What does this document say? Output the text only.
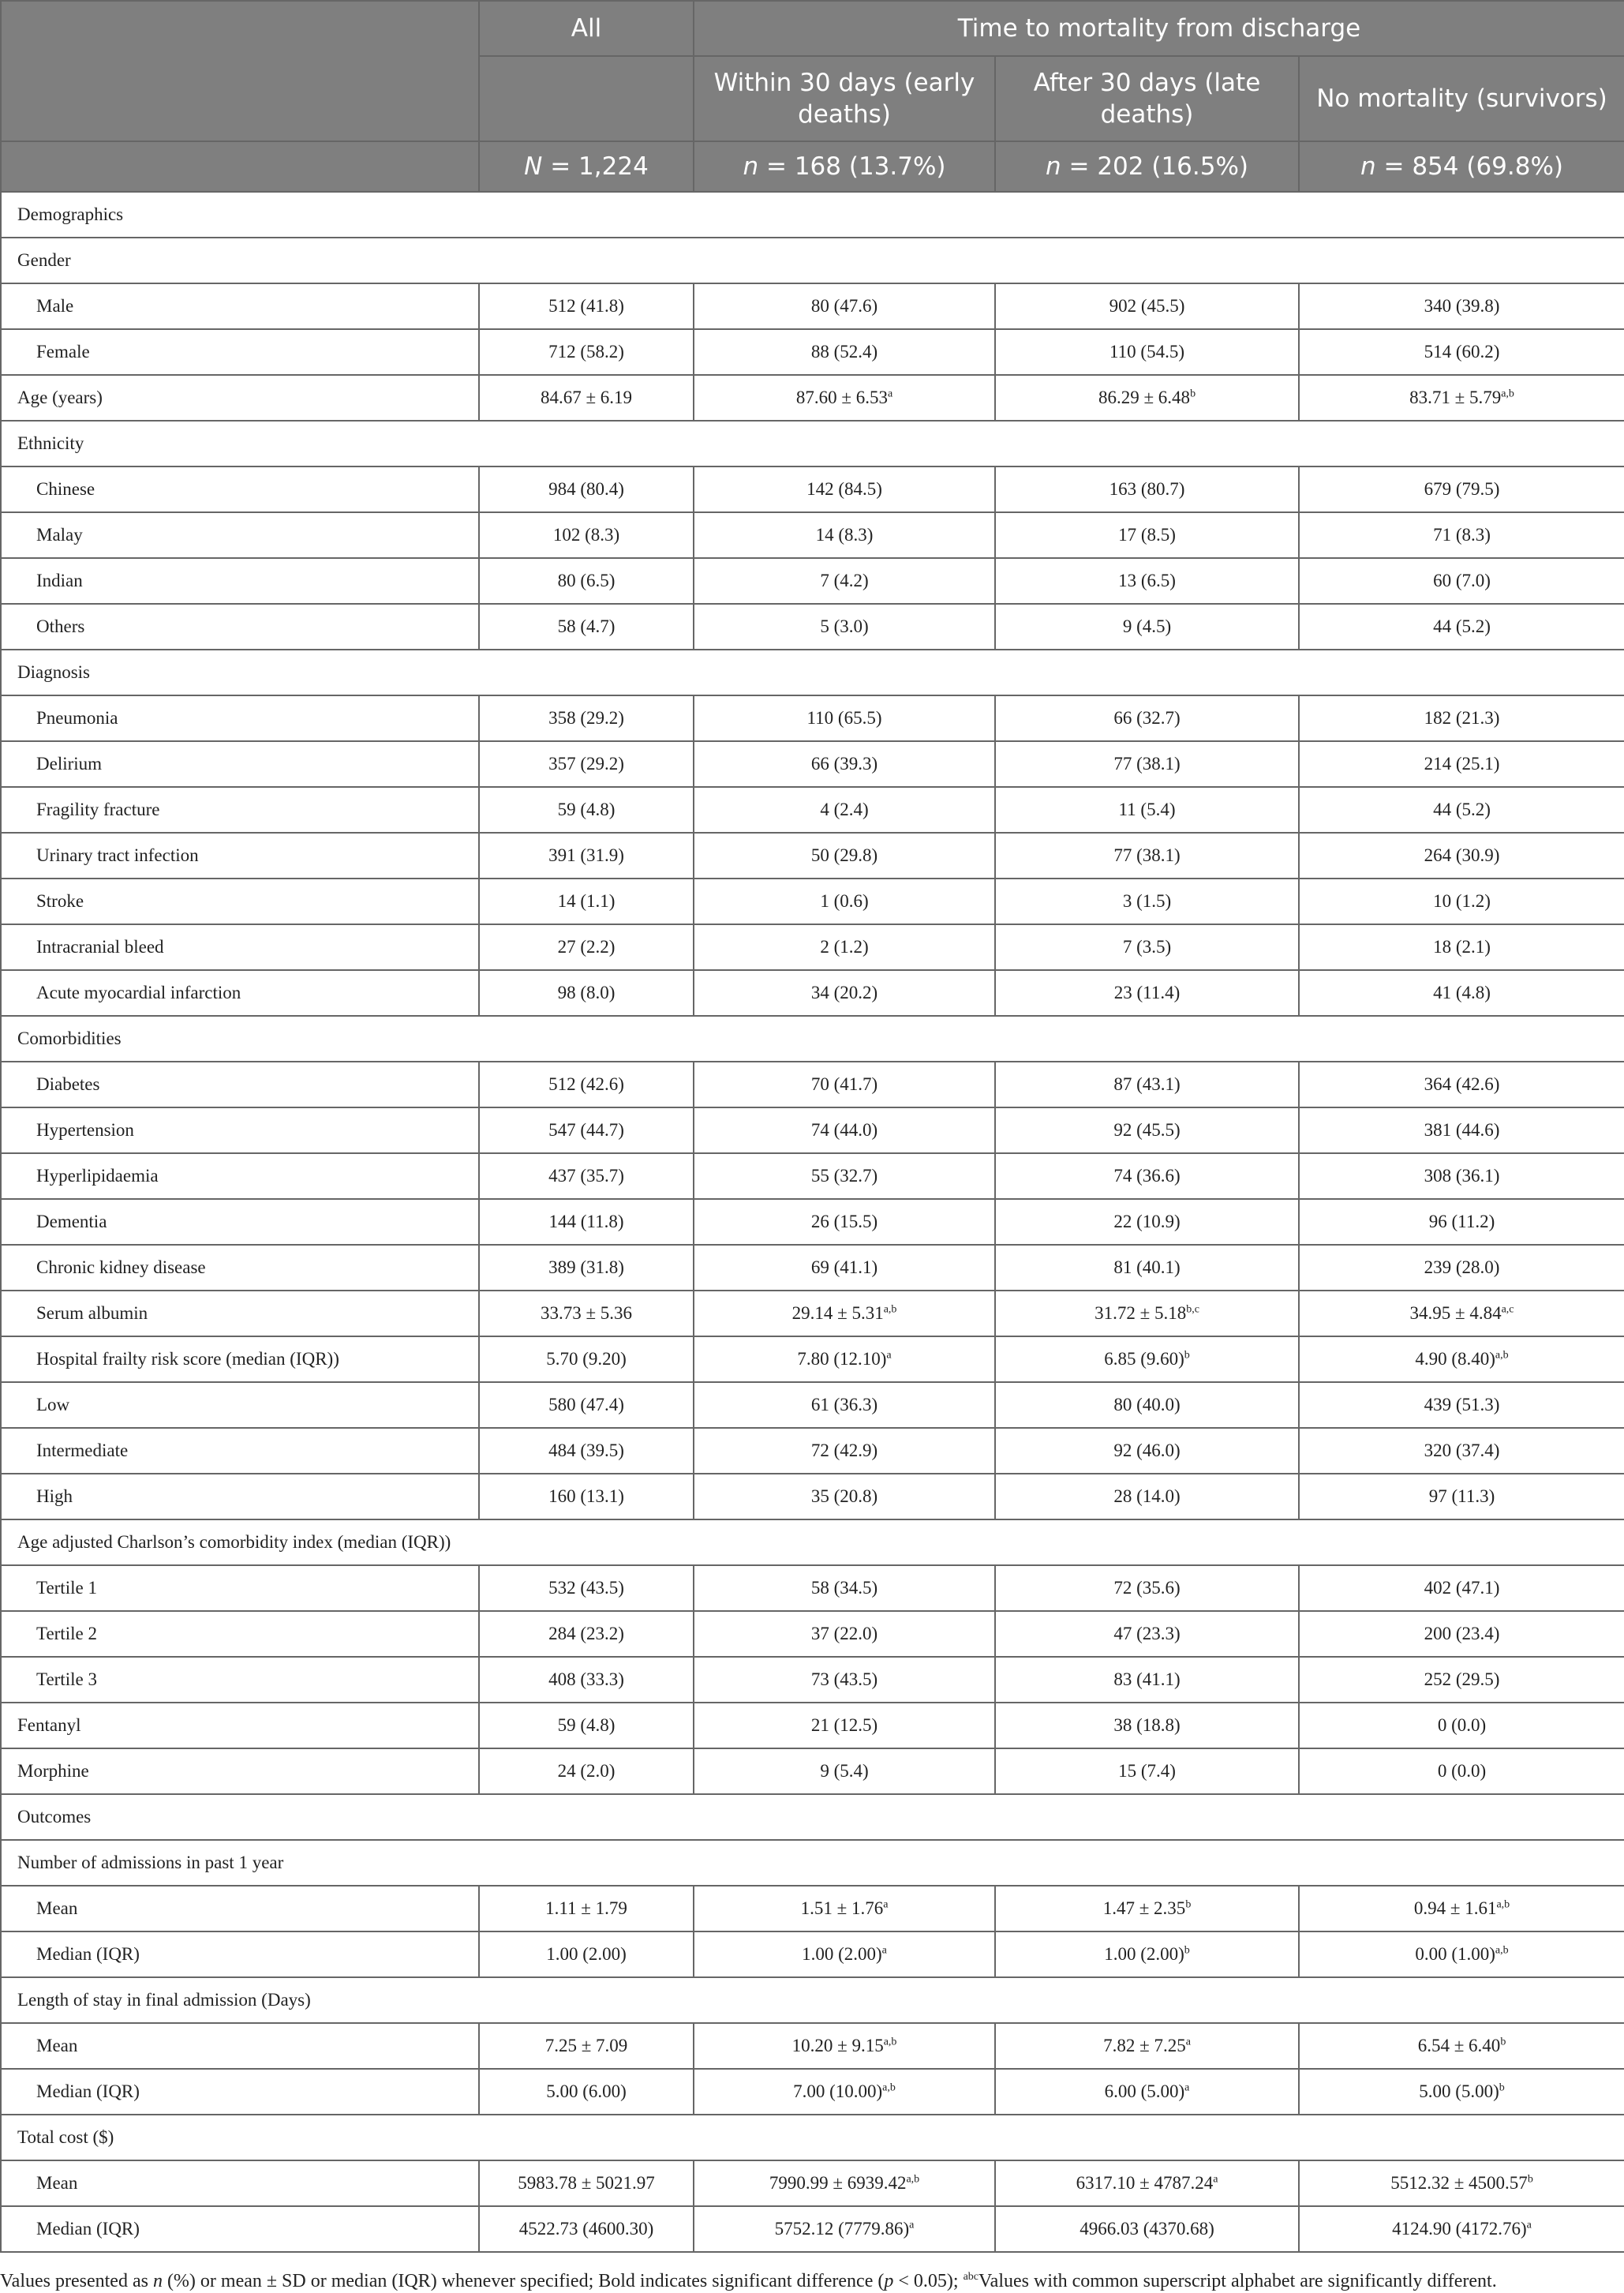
	All	Time to mortality from discharge		
		Within 30 days (early deaths)	After 30 days (late deaths)	No mortality (survivors)
	N = 1,224	n = 168 (13.7%)	n = 202 (16.5%)	n = 854 (69.8%)
Demographics				
Gender				
Male	512 (41.8)	80 (47.6)	902 (45.5)	340 (39.8)
Female	712 (58.2)	88 (52.4)	110 (54.5)	514 (60.2)
Age (years)	84.67 ± 6.19	87.60 ± 6.53$^a$	86.29 ± 6.48$^b$	$83.71 \pm 5.79^{a,b}$
Ethnicity				
Chinese	984 (80.4)	142 (84.5)	163 (80.7)	679 (79.5)
Malay	102 (8.3)	14 (8.3)	17 (8.5)	71 (8.3)
Indian	80 (6.5)	7 (4.2)	13 (6.5)	60 (7.0)
Others	58 (4.7)	5 (3.0)	9 (4.5)	44 (5.2)
Diagnosis				
Pneumonia	358 (29.2)	110 (65.5)	66 (32.7)	182 (21.3)
Delirium	357 (29.2)	66 (39.3)	77 (38.1)	214 (25.1)
Fragility fracture	59 (4.8)	4 (2.4)	11 (5.4)	44 (5.2)
Urinary tract infection	391 (31.9)	50 (29.8)	77 (38.1)	264 (30.9)
Stroke	14 (1.1)	1 (0.6)	3 (1.5)	10 (1.2)
Intracranial bleed	27 (2.2)	2 (1.2)	7 (3.5)	18 (2.1)
Acute myocardial infarction	98 (8.0)	34 (20.2)	23 (11.4)	41 (4.8)
Comorbidities				
Diabetes	512 (42.6)	70 (41.7)	87 (43.1)	364 (42.6)
Hypertension	547 (44.7)	74 (44.0)	92 (45.5)	381 (44.6)
Hyperlipidaemia	437 (35.7)	55 (32.7)	74 (36.6)	308 (36.1)
Dementia	144 (11.8)	26 (15.5)	22 (10.9)	96 (11.2)
Chronic kidney disease	389 (31.8)	69 (41.1)	81 (40.1)	239 (28.0)
Serum albumin	33.73 ± 5.36	$29.14 \pm 5.31^{a,b}$	$31.72 \pm 5.18^{b,c}$	$34.95 \pm 4.84^{a,c}$
Hospital frailty risk score (median (IQR))	5.70 (9.20)	7.80 $(12.10)^a$	6.85 $(9.60)^b$	4.90 $(8.40)^{a,b}$
Low	580 (47.4)	61 (36.3)	80 (40.0)	439 (51.3)
Intermediate	484 (39.5)	72 (42.9)	92 (46.0)	320 (37.4)
High	160 (13.1)	35 (20.8)	28 (14.0)	97 (11.3)
Age adjusted Charlson’s comorbidity index (median (IQR))				
Tertile 1	532 (43.5)	58 (34.5)	72 (35.6)	402 (47.1)
Tertile 2	284 (23.2)	37 (22.0)	47 (23.3)	200 (23.4)
Tertile 3	408 (33.3)	73 (43.5)	83 (41.1)	252 (29.5)
Fentanyl	59 (4.8)	21 (12.5)	38 (18.8)	0 (0.0)
Morphine	24 (2.0)	9 (5.4)	15 (7.4)	0 (0.0)
Outcomes				
Number of admissions in past 1 year				
Mean	1.11 ± 1.79	1.51 ± 1.76$^a$	1.47 ± 2.35$^b$	$0.94 \pm 1.61^{a,b}$
Median (IQR)	1.00 (2.00)	1.00 $(2.00)^a$	1.00 $(2.00)^b$	0.00 $(1.00)^{a,b}$
Length of stay in final admission (Days)				
Mean	7.25 ± 7.09	$10.20 \pm 9.15^{a,b}$	7.82 ± 7.25$^a$	6.54 ± 6.40$^b$
Median (IQR)	5.00 (6.00)	7.00 $(10.00)^{a,b}$	6.00 $(5.00)^a$	5.00 $(5.00)^b$
Total cost ($)				
Mean	5983.78 ± 5021.97	$7990.99 \pm 6939.42^{a,b}$	6317.10 ± 4787.24$^a$	5512.32 ± 4500.57$^b$
Median (IQR)	4522.73 (4600.30)	5752.12 $(7779.86)^a$	4966.03 (4370.68)	4124.90 $(4172.76)^a$
Values presented as n (%) or mean ± SD or median (IQR) whenever specified; Bold indicates significant difference (p < 0.05); $^{abc}$Values with common superscript alphabet are significantly different.
